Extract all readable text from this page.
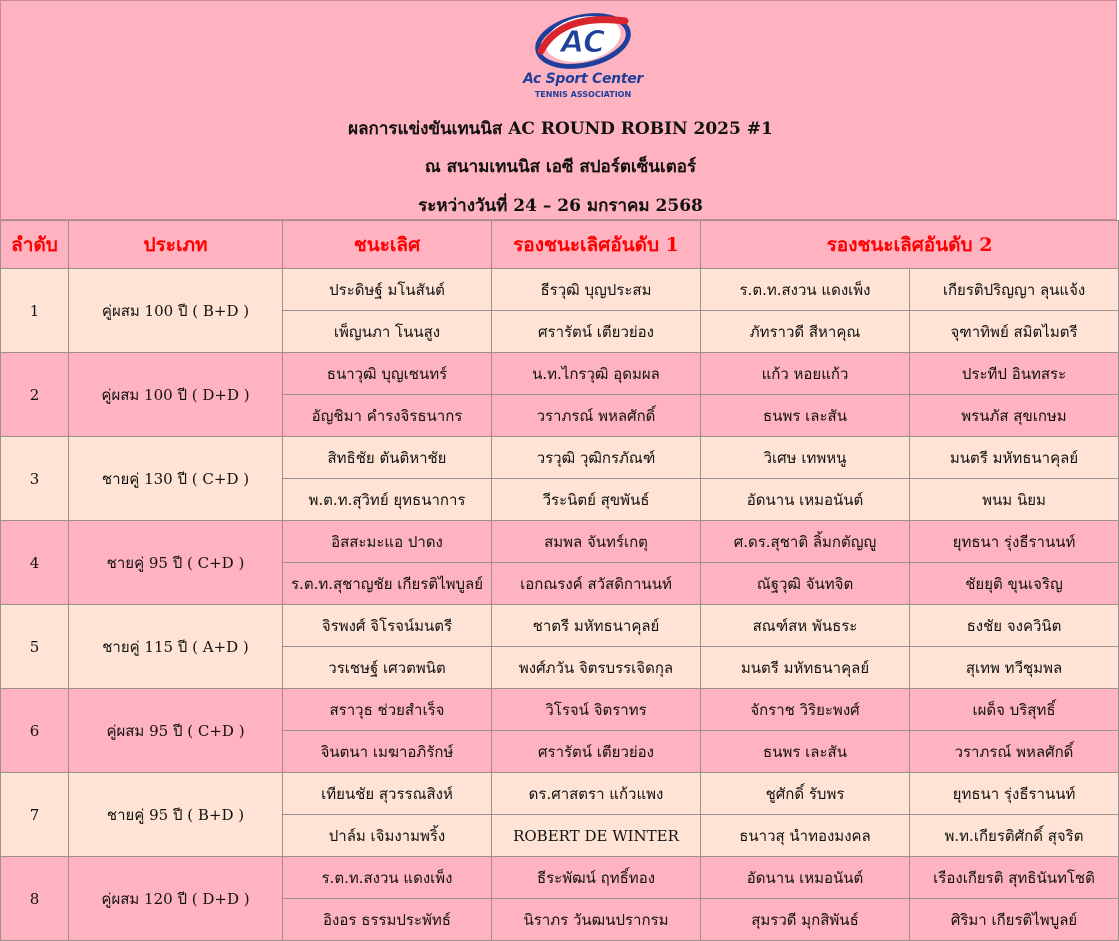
AC
Ac Sport Center
TENNIS ASSOCIATION
ผลการแข่งขันเทนนิส AC ROUND ROBIN 2025 #1
ณ สนามเทนนิส เอซี สปอร์ตเซ็นเตอร์
ระหว่างวันที่ 24 – 26 มกราคม 2568
ลำดับ	ประเภท	ชนะเลิศ	รองชนะเลิศอันดับ 1	รองชนะเลิศอันดับ 2	
1	คู่ผสม 100 ปี ( B+D )	ประดิษฐ์ มโนสันต์	ธีรวุฒิ บุญประสม	ร.ต.ท.สงวน แดงเพ็ง	เกียรติปริญญา ลุนแจ้ง
		เพ็ญนภา โนนสูง	ศรารัตน์ เตียวย่อง	ภัทราวดี สีหาคุณ	จุฑาทิพย์ สมิตไมตรี
2	คู่ผสม 100 ปี ( D+D )	ธนาวุฒิ บุญเชนทร์	น.ท.ไกรวุฒิ อุดมผล	แก้ว หอยแก้ว	ประทีป อินทสระ
		อัญชิมา คำรงจิรธนากร	วราภรณ์ พหลศักดิ์	ธนพร เละสัน	พรนภัส สุขเกษม
3	ชายคู่ 130 ปี ( C+D )	สิทธิชัย ตันติหาชัย	วรวุฒิ วุฒิกรภัณฑ์	วิเศษ เทพหนู	มนตรี มหัทธนาคุลย์
		พ.ต.ท.สุวิทย์ ยุทธนาการ	วีระนิตย์ สุขพันธ์	อัดนาน เหมอนันต์	พนม นิยม
4	ชายคู่ 95 ปี ( C+D )	อิสสะมะแอ ปาดง	สมพล จันทร์เกตุ	ศ.ดร.สุชาติ ลิ้มกตัญญู	ยุทธนา รุ่งธีรานนท์
		ร.ต.ท.สุชาญชัย เกียรติไพบูลย์	เอกณรงค์ สวัสดิกานนท์	ณัฐวุฒิ จันทจิต	ชัยยุติ ขุนเจริญ
5	ชายคู่ 115 ปี ( A+D )	จิรพงศ์ จิโรจน์มนตรี	ชาตรี มหัทธนาคุลย์	สณฑ์สห พันธระ	ธงชัย จงควินิต
		วรเชษฐ์ เศวตพนิต	พงศ์ภวัน จิตรบรรเจิดกุล	มนตรี มหัทธนาคุลย์	สุเทพ ทวีชุมพล
6	คู่ผสม 95 ปี ( C+D )	สราวุธ ช่วยสำเร็จ	วิโรจน์ จิตราทร	จักราช วิริยะพงศ์	เผด็จ บริสุทธิ์
		จินตนา เมฆาอภิรักษ์	ศรารัตน์ เตียวย่อง	ธนพร เละสัน	วราภรณ์ พหลศักดิ์
7	ชายคู่ 95 ปี ( B+D )	เทียนชัย สุวรรณสิงห์	ดร.ศาสตรา แก้วแพง	ชูศักดิ์ รับพร	ยุทธนา รุ่งธีรานนท์
		ปาล์ม เจิมงามพริ้ง	ROBERT DE WINTER	ธนาวสุ นำทองมงคล	พ.ท.เกียรติศักดิ์ สุจริต
8	คู่ผสม 120 ปี ( D+D )	ร.ต.ท.สงวน แดงเพ็ง	ธีระพัฒน์ ฤทธิ์ทอง	อัดนาน เหมอนันต์	เรืองเกียรติ สุทธินันทโชติ
		อิงอร ธรรมประพัทธ์	นิราภร วันฒนปรากรม	สุมรวดี มุกสิพันธ์	ศิริมา เกียรติไพบูลย์
